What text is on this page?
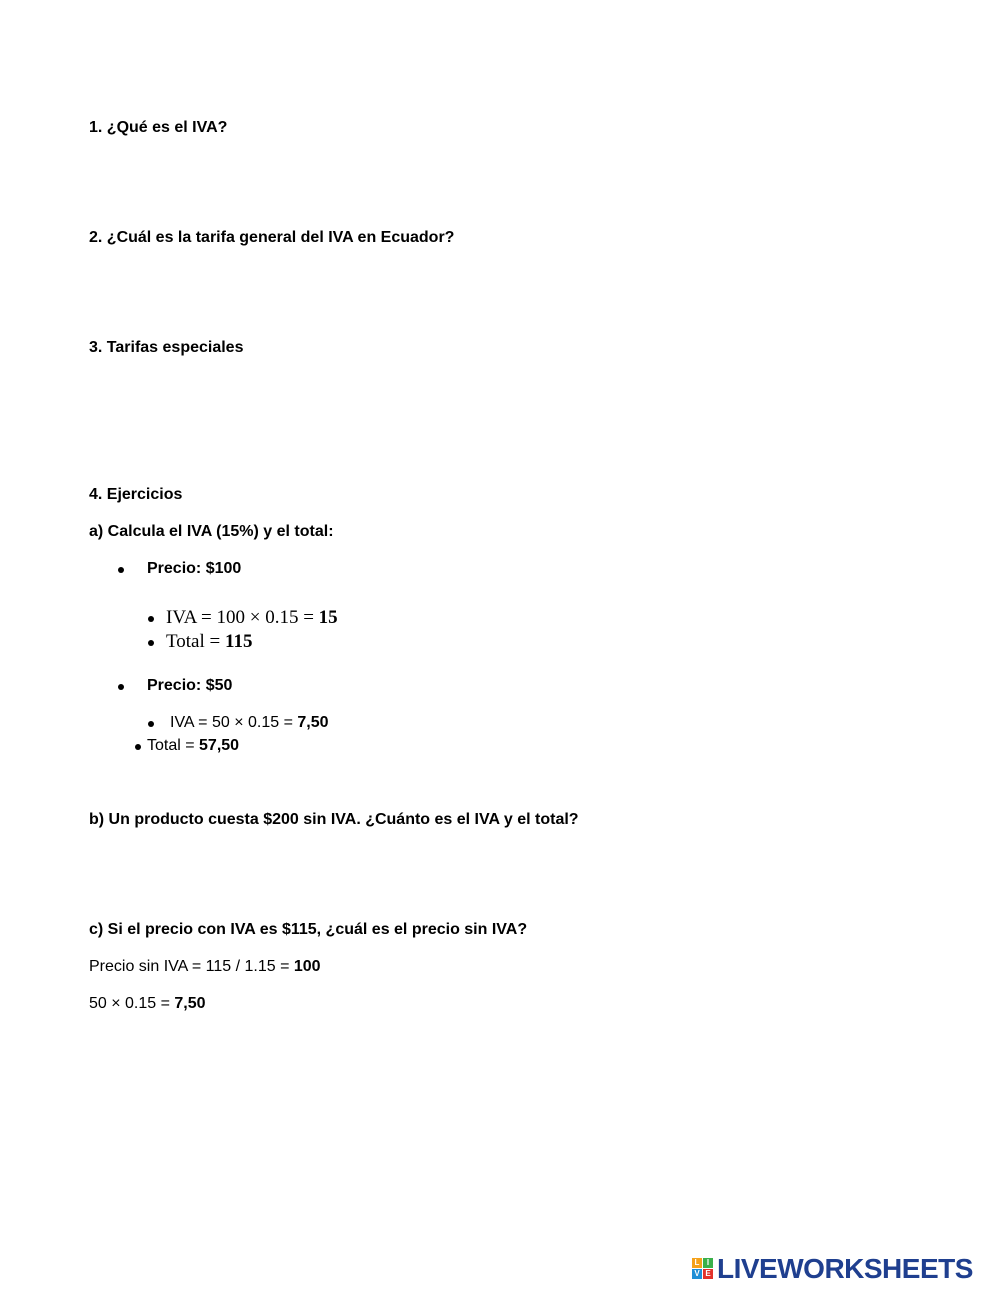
1. ¿Qué es el IVA?
2. ¿Cuál es la tarifa general del IVA en Ecuador?
3. Tarifas especiales
4. Ejercicios
a) Calcula el IVA (15%) y el total:
Precio: $100
IVA = 100 × 0.15 = 15
Total = 115
Precio: $50
IVA = 50 × 0.15 = 7,50
Total = 57,50
b) Un producto cuesta $200 sin IVA. ¿Cuánto es el IVA y el total?
c) Si el precio con IVA es $115, ¿cuál es el precio sin IVA?
Precio sin IVA = 115 / 1.15 = 100
50 × 0.15 = 7,50
L I
V E LIVEWORKSHEETS
